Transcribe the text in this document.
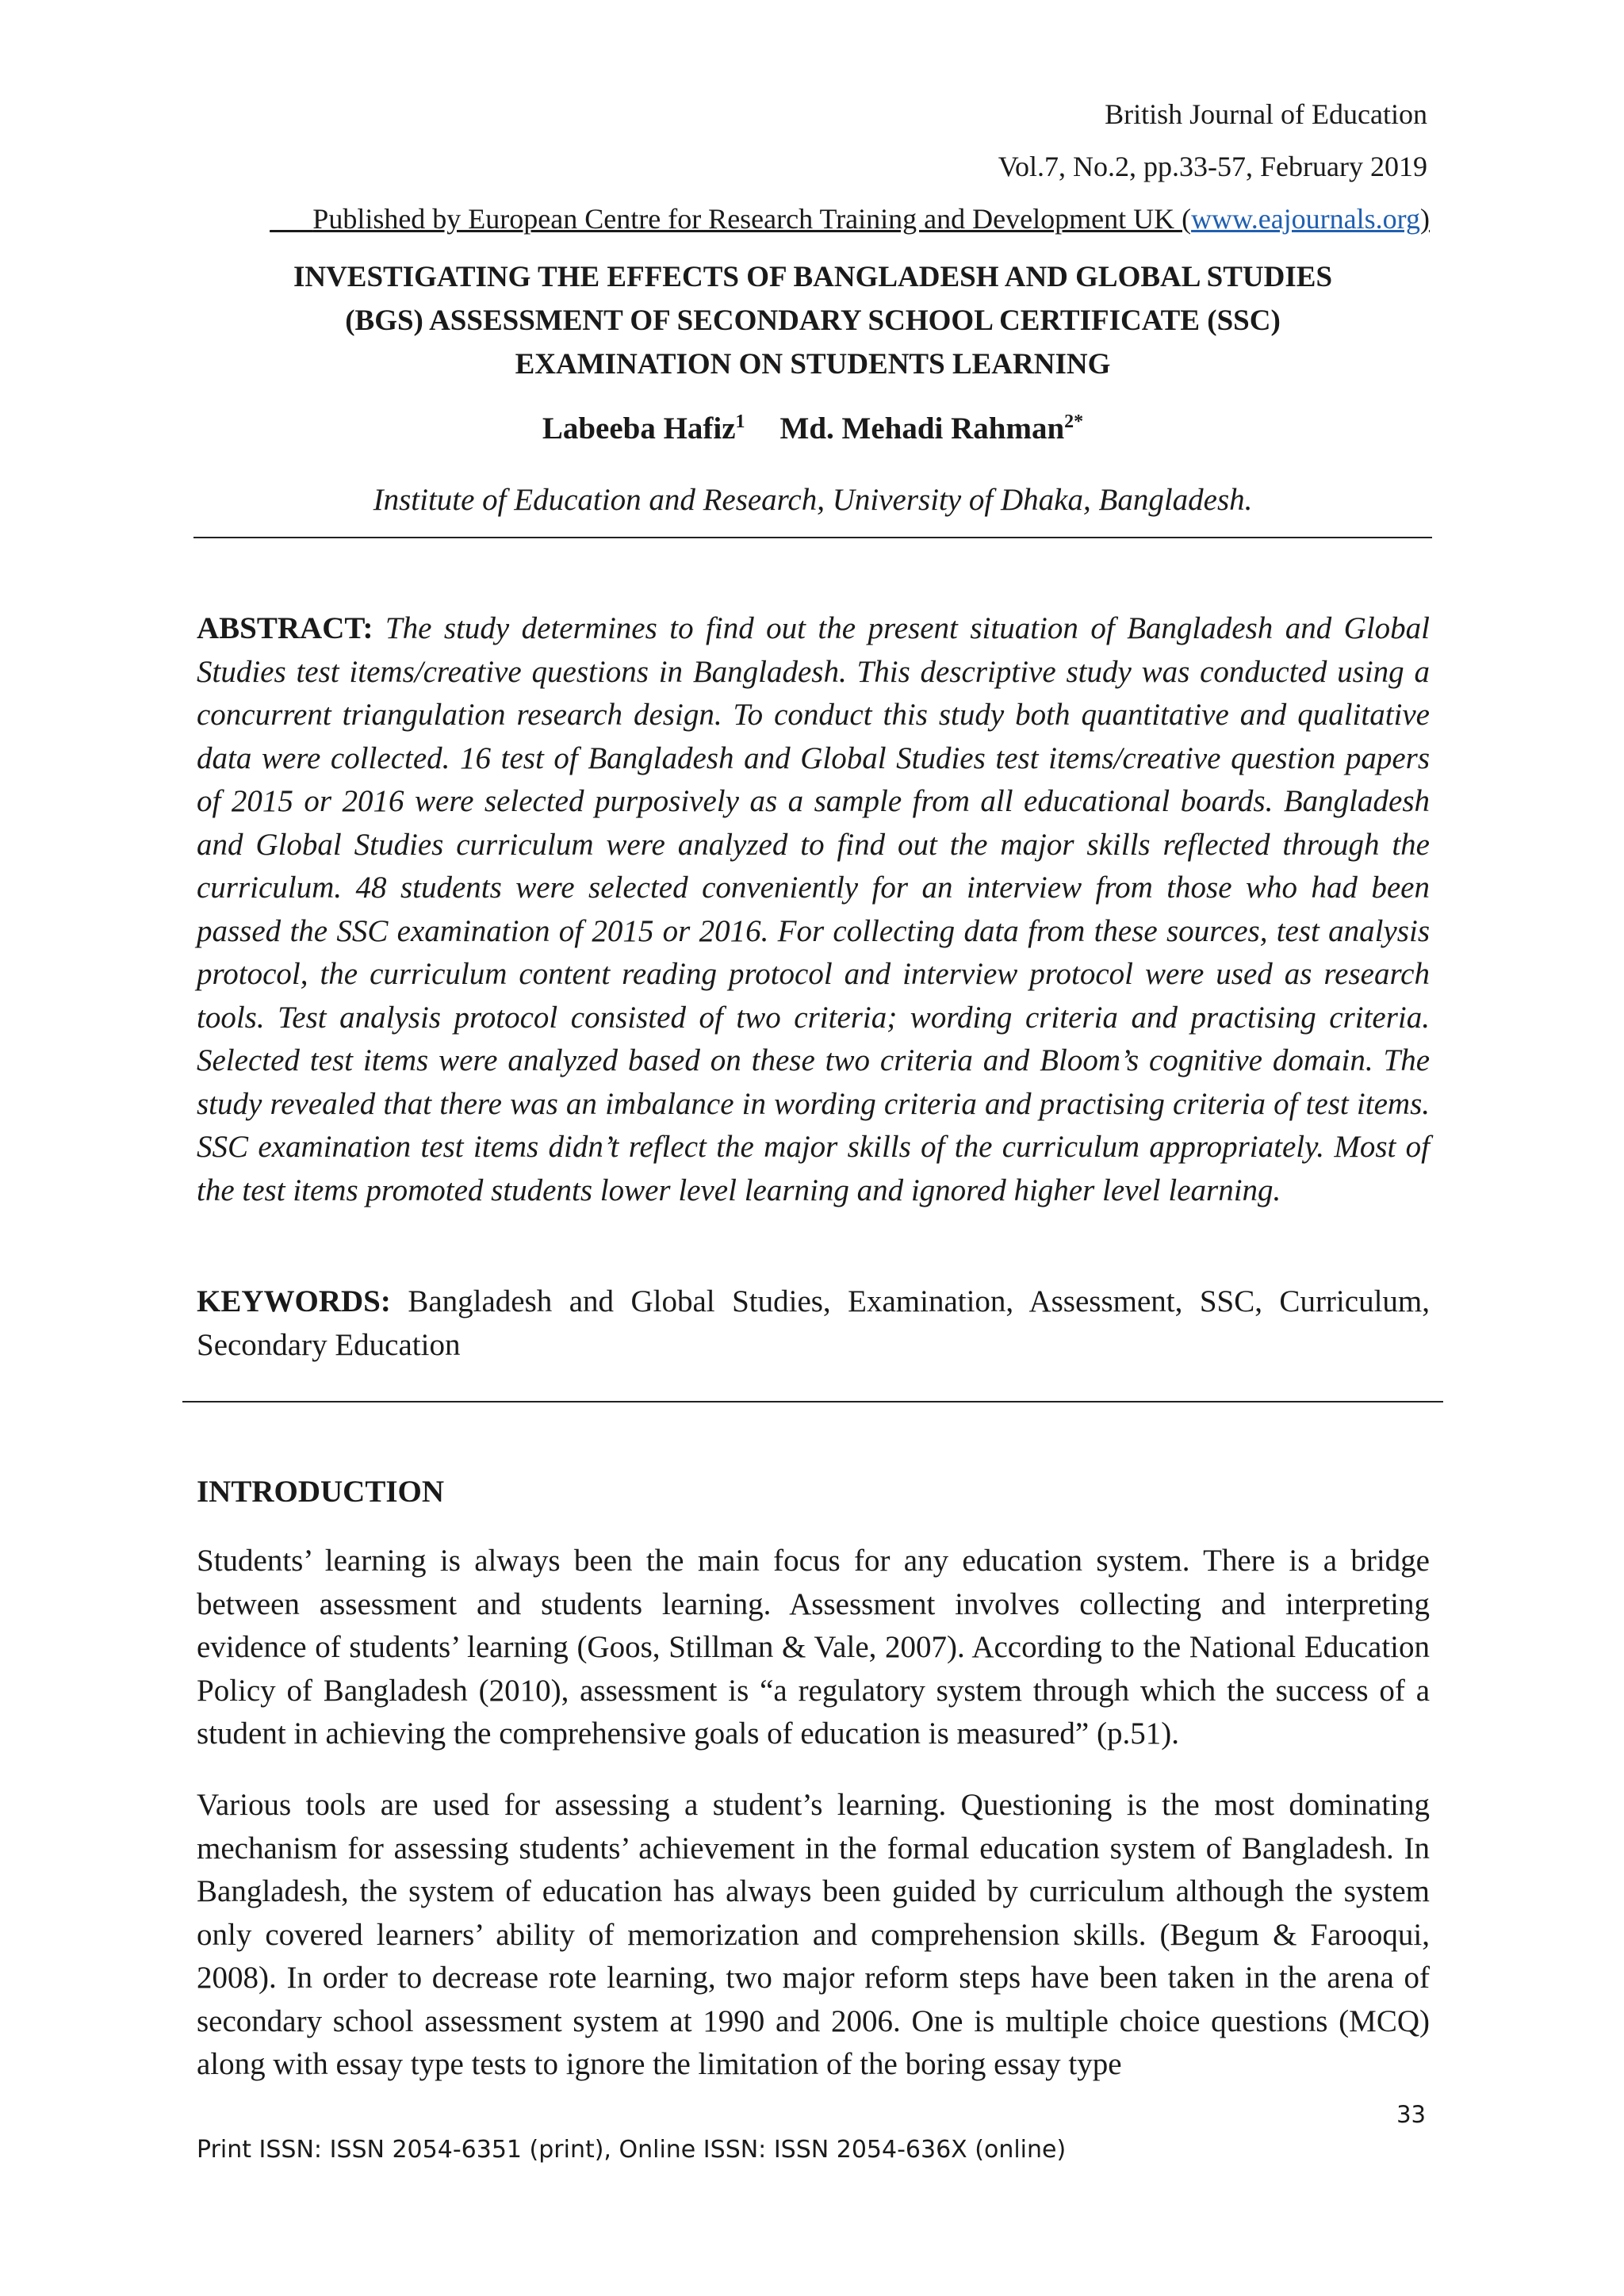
British Journal of Education
Vol.7, No.2, pp.33-57, February 2019
___Published by European Centre for Research Training and Development UK (www.eajournals.org)
INVESTIGATING THE EFFECTS OF BANGLADESH AND GLOBAL STUDIES
(BGS) ASSESSMENT OF SECONDARY SCHOOL CERTIFICATE (SSC)
EXAMINATION ON STUDENTS LEARNING
Labeeba Hafiz$^1$ Md. Mehadi Rahman$^{2*}$
Institute of Education and Research, University of Dhaka, Bangladesh.

ABSTRACT: The study determines to find out the present situation of Bangladesh and Global Studies test items/creative questions in Bangladesh. This descriptive study was conducted using a concurrent triangulation research design. To conduct this study both quantitative and qualitative data were collected. 16 test of Bangladesh and Global Studies test items/creative question papers of 2015 or 2016 were selected purposively as a sample from all educational boards. Bangladesh and Global Studies curriculum were analyzed to find out the major skills reflected through the curriculum. 48 students were selected conveniently for an interview from those who had been passed the SSC examination of 2015 or 2016. For collecting data from these sources, test analysis protocol, the curriculum content reading protocol and interview protocol were used as research tools. Test analysis protocol consisted of two criteria; wording criteria and practising criteria. Selected test items were analyzed based on these two criteria and Bloom’s cognitive domain. The study revealed that there was an imbalance in wording criteria and practising criteria of test items. SSC examination test items didn’t reflect the major skills of the curriculum appropriately. Most of the test items promoted students lower level learning and ignored higher level learning.

KEYWORDS: Bangladesh and Global Studies, Examination, Assessment, SSC, Curriculum, Secondary Education

INTRODUCTION

Students’ learning is always been the main focus for any education system. There is a bridge between assessment and students learning. Assessment involves collecting and interpreting evidence of students’ learning (Goos, Stillman & Vale, 2007). According to the National Education Policy of Bangladesh (2010), assessment is “a regulatory system through which the success of a student in achieving the comprehensive goals of education is measured” (p.51).

Various tools are used for assessing a student’s learning. Questioning is the most dominating mechanism for assessing students’ achievement in the formal education system of Bangladesh. In Bangladesh, the system of education has always been guided by curriculum although the system only covered learners’ ability of memorization and comprehension skills. (Begum & Farooqui, 2008). In order to decrease rote learning, two major reform steps have been taken in the arena of secondary school assessment system at 1990 and 2006. One is multiple choice questions (MCQ) along with essay type tests to ignore the limitation of the boring essay type

33
Print ISSN: ISSN 2054-6351 (print), Online ISSN: ISSN 2054-636X (online)
